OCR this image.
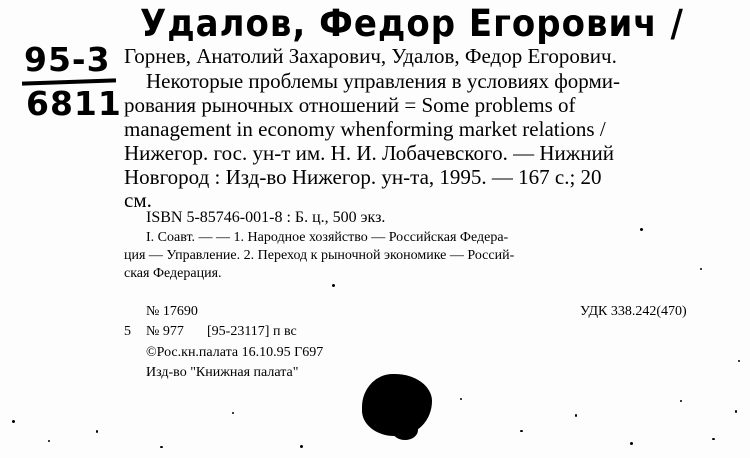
Удалов, Федор Егорович /
95-3
6811
Горнев, Анатолий Захарович, Удалов, Федор Егорович.
Некоторые проблемы управления в условиях форми-
рования рыночных отношений = Some problems of
management in economy whenforming market relations /
Нижегор. гос. ун-т им. Н. И. Лобачевского. — Нижний
Новгород : Изд-во Нижегор. ун-та, 1995. — 167 с.; 20
см.
ISBN 5-85746-001-8 : Б. ц., 500 экз.
I. Соавт. — — 1. Народное хозяйство — Российская Федера-
ция — Управление. 2. Переход к рыночной экономике — Россий-
ская Федерация.
№ 17690	УДК 338.242(470)
5 № 977 [95-23117] п вс
©Рос.кн.палата 16.10.95 Г697
Изд-во "Книжная палата"
